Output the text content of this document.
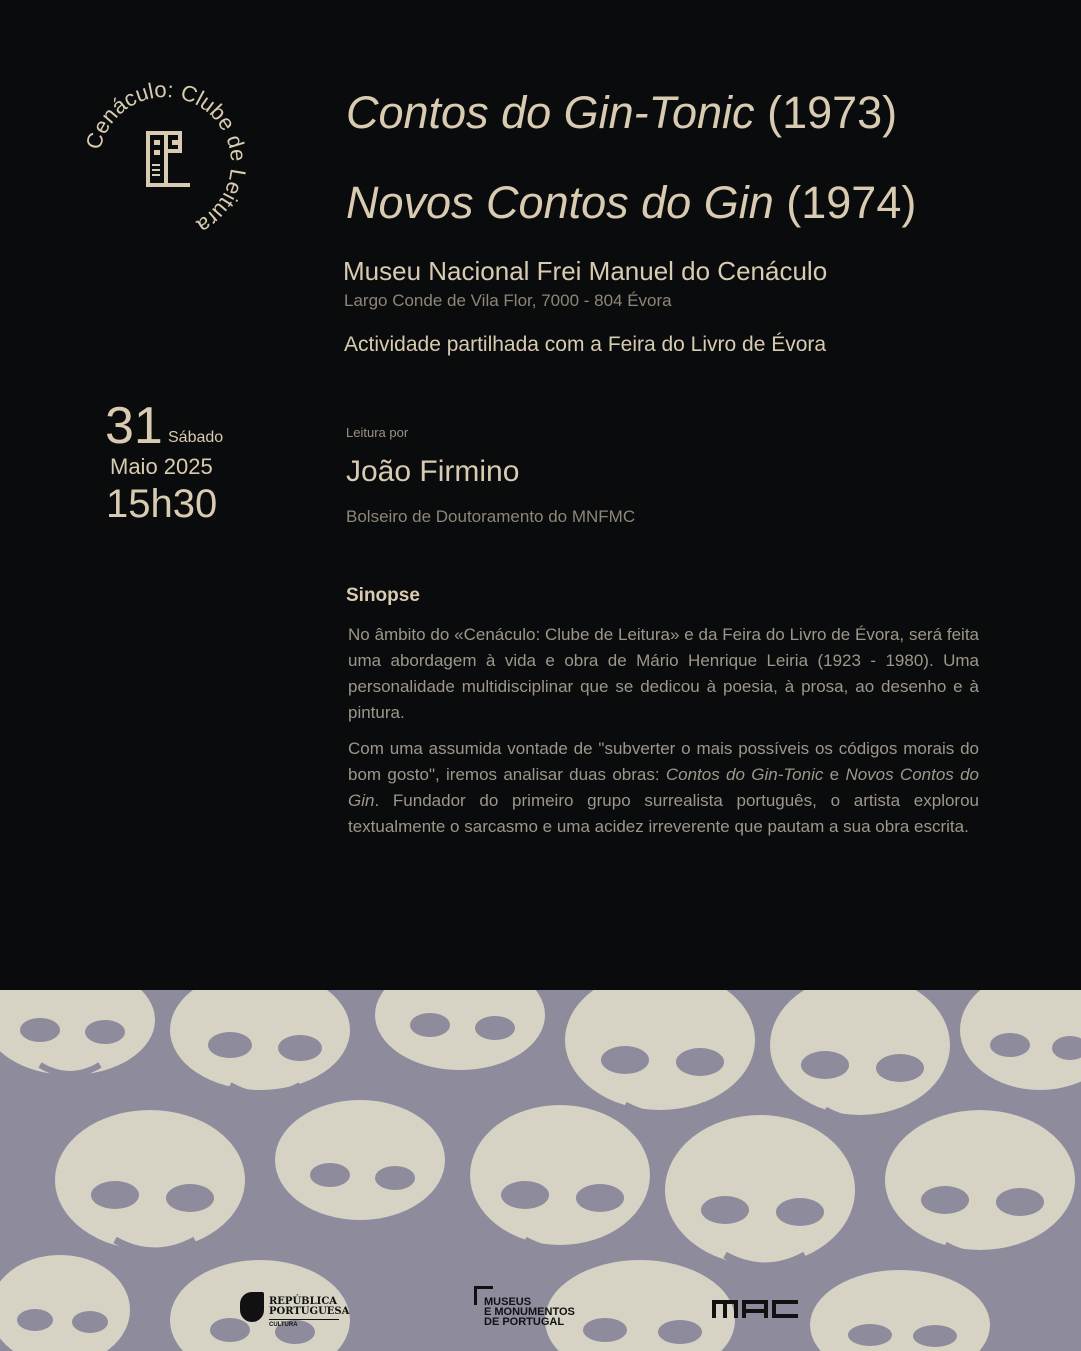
enáculo: Clube eitura
31 Sábado
Maio 2025
15h30
Contos do Gin-Tonic (1973)
Novos Contos do Gin (1974)
Museu Nacional Frei Manuel do Cenáculo
Largo Conde de Vila Flor, 7000 - 804 Évora
Actividade partilhada com a Feira do Livro de Évora
Leitura por
João Firmino
Bolseiro de Doutoramento do MNFMC
Sinopse

No âmbito do «Cenáculo: Clube de Leitura» e da Feira do Livro de Évora, será feita uma abordagem à vida e obra de Mário Henrique Leiria (1923 - 1980). Uma personalidade multidisciplinar que se dedicou à poesia, à prosa, ao desenho e à pintura.

Com uma assumida vontade de "subverter o mais possíveis os códigos morais do bom gosto", iremos analisar duas obras: Contos do Gin-Tonic e Novos Contos do Gin. Fundador do primeiro grupo surrealista português, o artista explorou textualmente o sarcasmo e uma acidez irreverente que pautam a sua obra escrita.

REPÚBLICA
PORTUGUESA
CULTURA
MUSEUS
E MONUMENTOS
DE PORTUGAL
